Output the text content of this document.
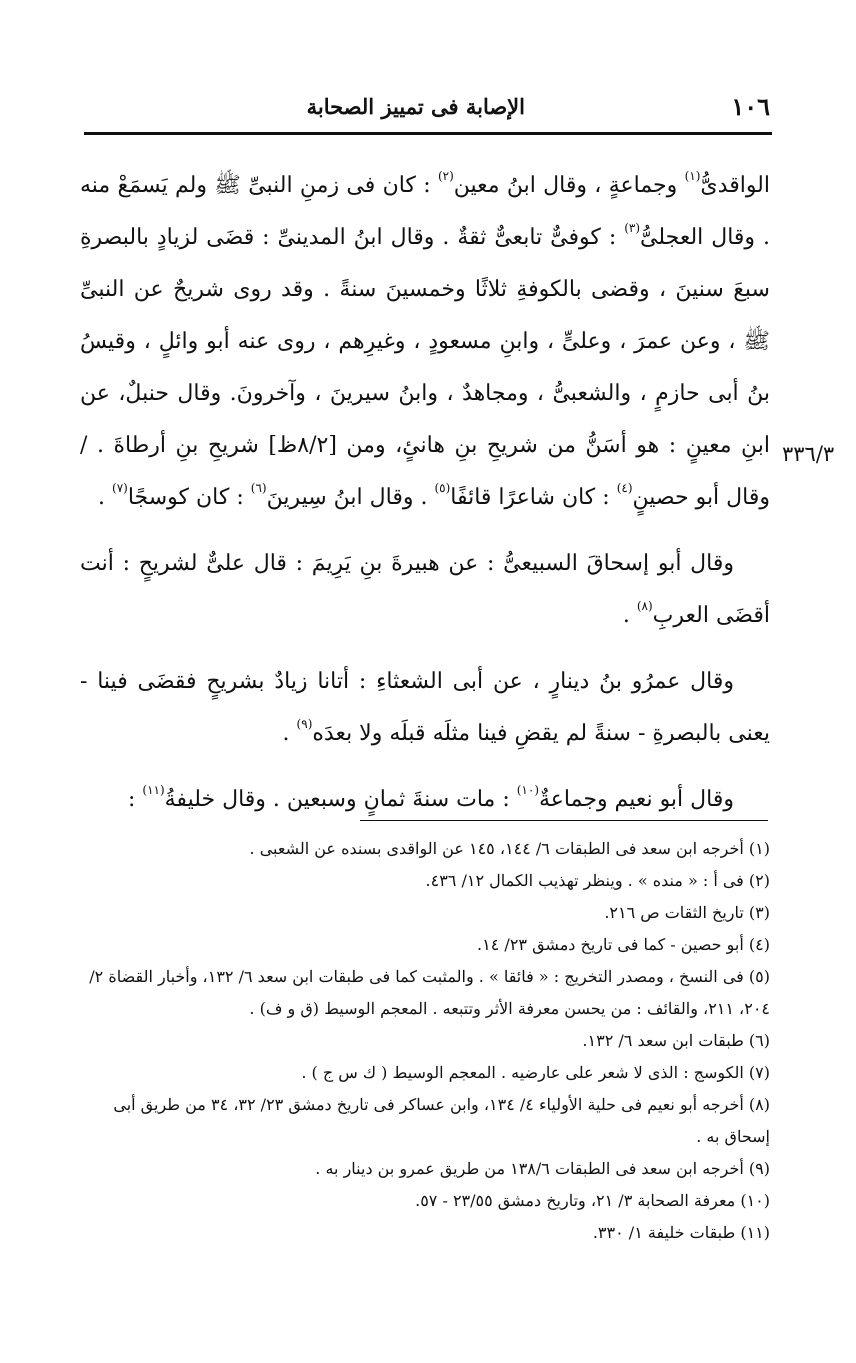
١٠٦
الإصابة فى تمييز الصحابة
٣٣٦/٣

الواقدىُّ$^{(١)}$ وجماعةٍ ، وقال ابنُ معين$^{(٢)}$ : كان فى زمنِ النبىِّ ﷺ ولم يَسمَعْ منه . وقال العجلىُّ$^{(٣)}$ : كوفىٌّ تابعىٌّ ثقةٌ . وقال ابنُ المدينىِّ : قضَى لزيادٍ بالبصرةِ سبعَ سنينَ ، وقضى بالكوفةِ ثلاثًا وخمسينَ سنةً . وقد روى شريحٌ عن النبىِّ ﷺ ، وعن عمرَ ، وعلىٍّ ، وابنِ مسعودٍ ، وغيرِهم ، روى عنه أبو وائلٍ ، وقيسُ بنُ أبى حازمٍ ، والشعبىُّ ، ومجاهدٌ ، وابنُ سيرينَ ، وآخرونَ. وقال حنبلٌ، عن ابنِ معينٍ : هو أسَنُّ من شريحِ بنِ هانئٍ، ومن [٨/٢ظ] شريحِ بنِ أرطاةَ . / وقال أبو حصينٍ$^{(٤)}$ : كان شاعرًا قائفًا$^{(٥)}$ . وقال ابنُ سِيرينَ$^{(٦)}$ : كان كوسجًا$^{(٧)}$ .

وقال أبو إسحاقَ السبيعىُّ : عن هبيرةَ بنِ يَرِيمَ : قال علىٌّ لشريحٍ : أنت أقضَى العربِ$^{(٨)}$ .

وقال عمرُو بنُ دينارٍ ، عن أبى الشعثاءِ : أتانا زيادٌ بشريحٍ فقضَى فينا - يعنى بالبصرةِ - سنةً لم يقضِ فينا مثلَه قبلَه ولا بعدَه$^{(٩)}$ .

وقال أبو نعيم وجماعةٌ$^{(١٠)}$ : مات سنةَ ثمانٍ وسبعين . وقال خليفةُ$^{(١١)}$ :

(١) أخرجه ابن سعد فى الطبقات ٦/ ١٤٤، ١٤٥ عن الواقدى بسنده عن الشعبى .

(٢) فى أ : « منده » . وينظر تهذيب الكمال ١٢/ ٤٣٦.

(٣) تاريخ الثقات ص ٢١٦.

(٤) أبو حصين - كما فى تاريخ دمشق ٢٣/ ١٤.

(٥) فى النسخ ، ومصدر التخريج : « فائقا » . والمثبت كما فى طبقات ابن سعد ٦/ ١٣٢، وأخبار القضاة ٢/ ٢٠٤، ٢١١، والقائف : من يحسن معرفة الأثر وتتبعه . المعجم الوسيط (ق و ف) .

(٦) طبقات ابن سعد ٦/ ١٣٢.

(٧) الكوسج : الذى لا شعر على عارضيه . المعجم الوسيط ( ك س ج ) .

(٨) أخرجه أبو نعيم فى حلية الأولياء ٤/ ١٣٤، وابن عساكر فى تاريخ دمشق ٢٣/ ٣٢، ٣٤ من طريق أبى إسحاق به .

(٩) أخرجه ابن سعد فى الطبقات ١٣٨/٦ من طريق عمرو بن دينار به .

(١٠) معرفة الصحابة ٣/ ٢١، وتاريخ دمشق ٢٣/٥٥ - ٥٧.

(١١) طبقات خليفة ١/ ٣٣٠.
